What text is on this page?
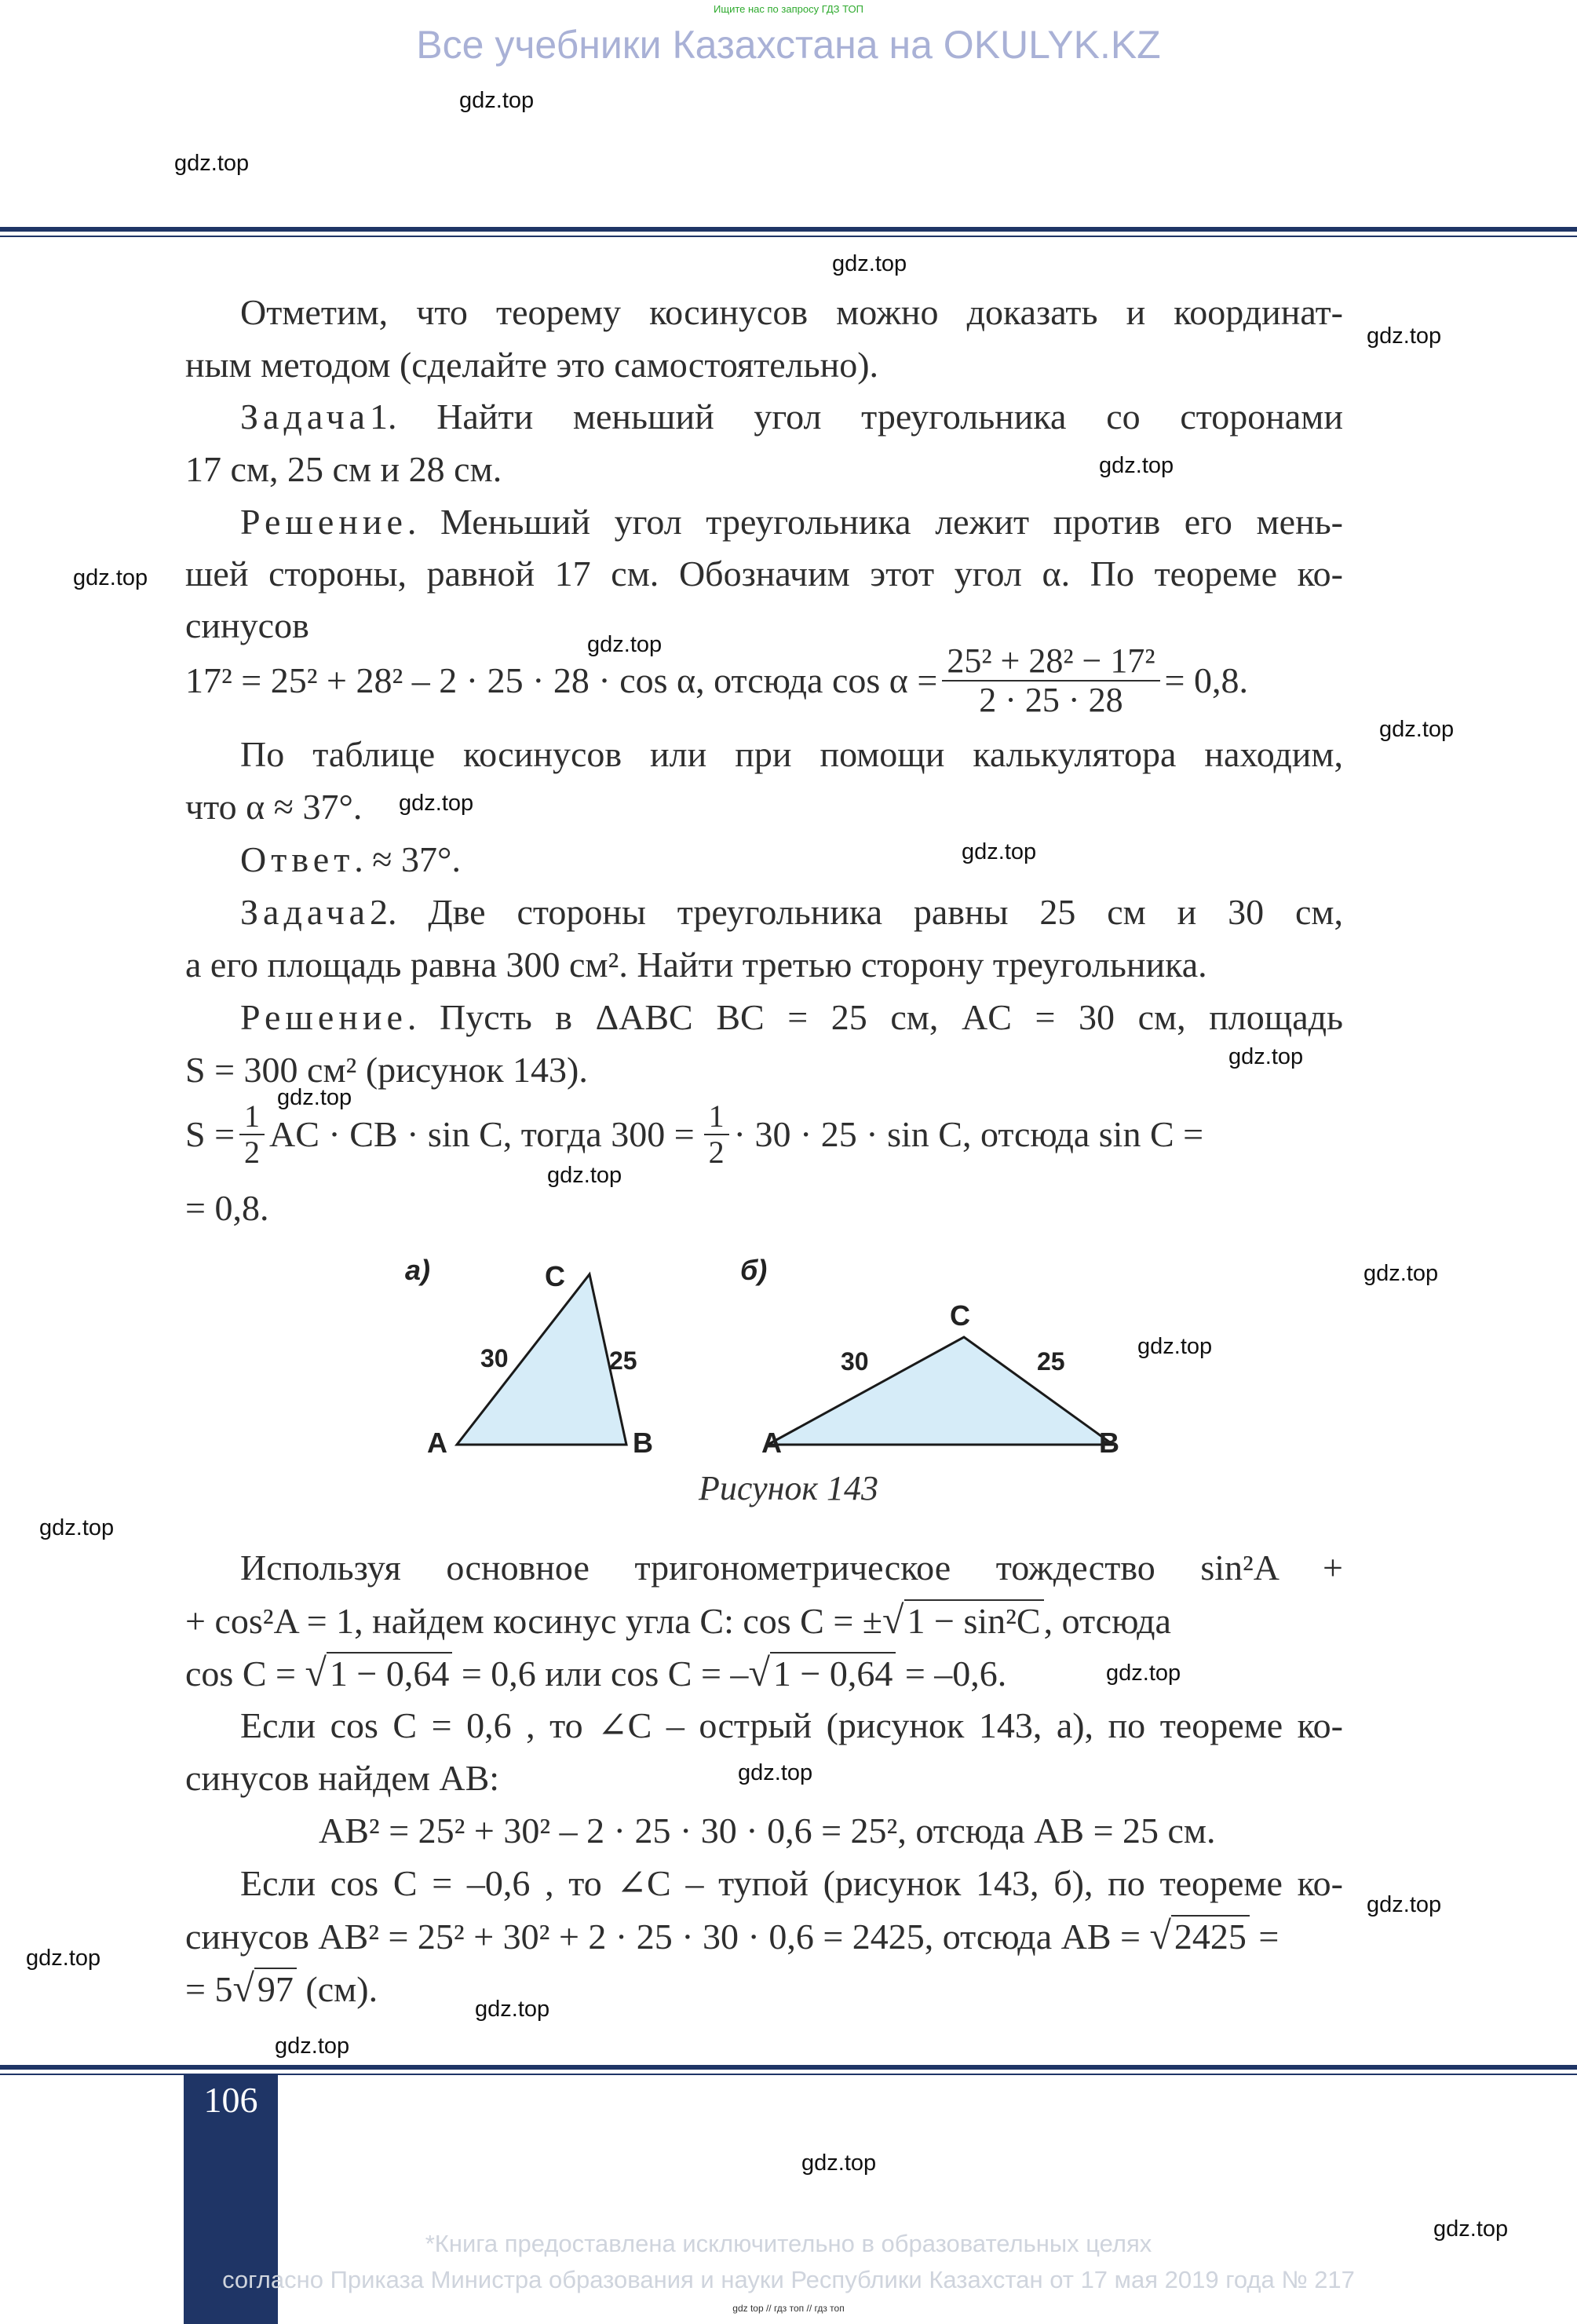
Ищите нас по запросу ГДЗ ТОП
Все учебники Казахстана на OKULYK.KZ
gdz.top
gdz.top
gdz.top
gdz.top
gdz.top
gdz.top
gdz.top
gdz.top
gdz.top
gdz.top
gdz.top
gdz.top
gdz.top
gdz.top
gdz.top
gdz.top
gdz.top
gdz.top
gdz.top
gdz.top
gdz.top
gdz.top
gdz.top
gdz.top
Отметим, что теорему косинусов можно доказать и координат-
ным методом (сделайте это самостоятельно).
Задача 1. Найти меньший угол треугольника со сторонами
17 см, 25 см и 28 см.
Решение . Меньший угол треугольника лежит против его мень-
шей стороны, равной 17 см. Обозначим этот угол α. По теореме ко-
синусов
17² = 25² + 28² – 2 · 25 · 28 · cos α, отсюда $\cos \alpha = \frac{\text{25² + 28² − 17²}}{2 \cdot 25 \cdot 28} = 0,8$.
По таблице косинусов или при помощи калькулятора находим,
что α ≈ 37°.
Ответ. ≈ 37°.
Задача 2. Две стороны треугольника равны 25 см и 30 см,
а его площадь равна 300 см². Найти третью сторону треугольника.
Решение . Пусть в ΔABC BC = 25 см, AC = 30 см, площадь
S = 300 см² (рисунок 143).
$S = \frac{1}{2}$ AC · CB · sin C, тогда $300 = \frac{1}{2} \cdot 30 \cdot 25 \cdot \sin C$, отсюда sin C =
= 0,8.
а)	б)
A	B
C
30	25
A	B
C
30	25
Рисунок 143
Используя основное тригонометрическое тождество sin²A +
+ cos²A = 1, найдем косинус угла C: cos C = ±√1 − sin²C, отсюда
cos C = √1 − 0,64 = 0,6 или cos C = –√1 − 0,64 = –0,6.
Если cos C = 0,6 , то ∠C – острый (рисунок 143, а), по теореме ко-
синусов найдем AB:
AB² = 25² + 30² – 2 · 25 · 30 · 0,6 = 25², отсюда AB = 25 см.
Если cos C = –0,6 , то ∠C – тупой (рисунок 143, б), по теореме ко-
синусов AB² = 25² + 30² + 2 · 25 · 30 · 0,6 = 2425, отсюда AB = √2425 =
= 5√97 (см).
106
*Книга предоставлена исключительно в образовательных целях
согласно Приказа Министра образования и науки Республики Казахстан от 17 мая 2019 года № 217
gdz top // гдз топ // гдз топ
